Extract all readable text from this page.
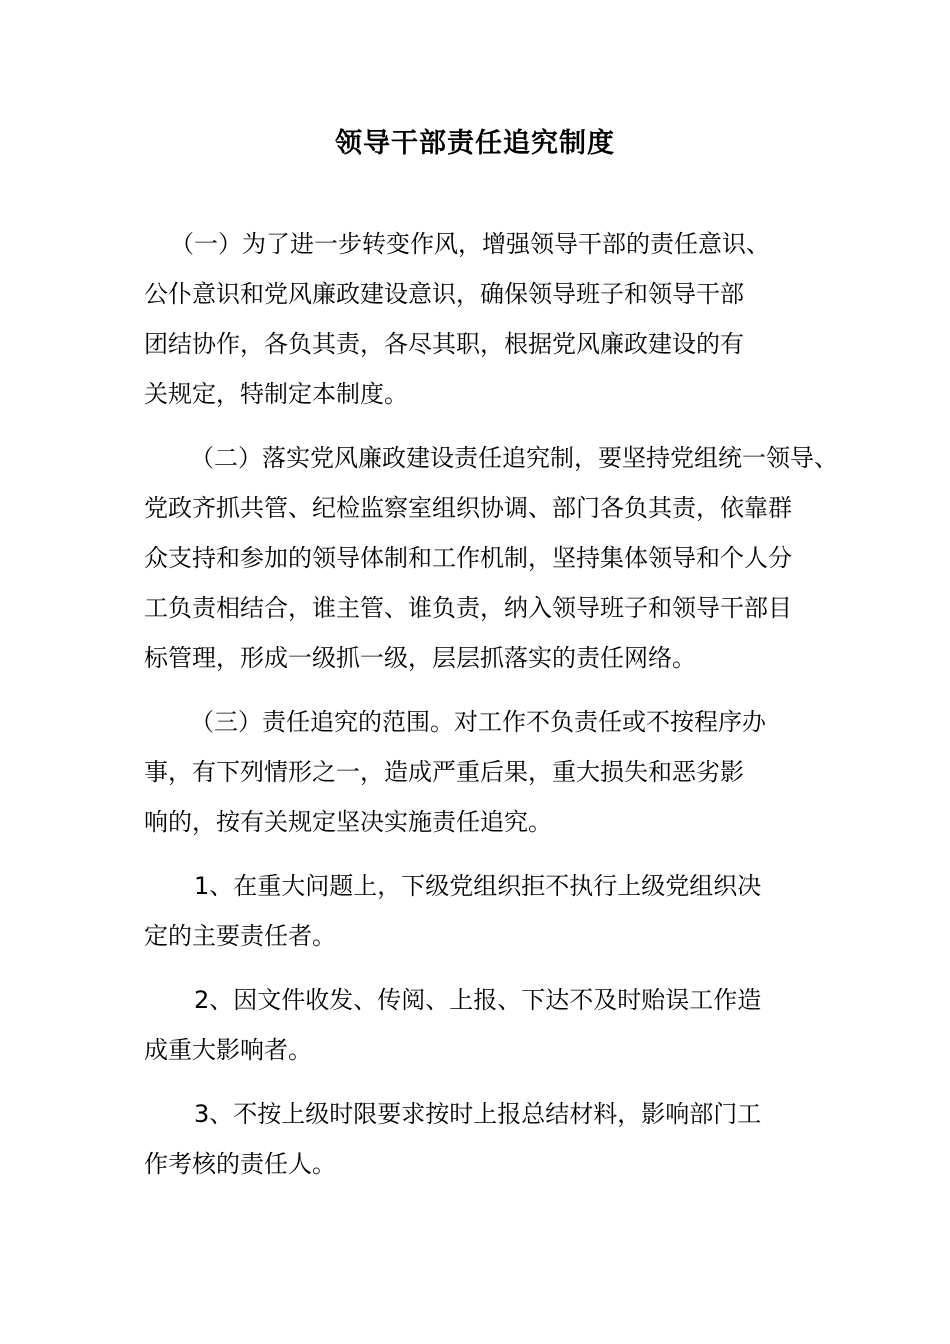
领导干部责任追究制度
（一）为了进一步转变作风，增强领导干部的责任意识、
公仆意识和党风廉政建设意识，确保领导班子和领导干部
团结协作，各负其责，各尽其职，根据党风廉政建设的有
关规定，特制定本制度。
（二）落实党风廉政建设责任追究制，要坚持党组统一领导、
党政齐抓共管、纪检监察室组织协调、部门各负其责，依靠群
众支持和参加的领导体制和工作机制，坚持集体领导和个人分
工负责相结合，谁主管、谁负责，纳入领导班子和领导干部目
标管理，形成一级抓一级，层层抓落实的责任网络。
（三）责任追究的范围。对工作不负责任或不按程序办
事，有下列情形之一，造成严重后果，重大损失和恶劣影
响的，按有关规定坚决实施责任追究。
1、在重大问题上，下级党组织拒不执行上级党组织决
定的主要责任者。
2、因文件收发、传阅、上报、下达不及时贻误工作造
成重大影响者。
3、不按上级时限要求按时上报总结材料，影响部门工
作考核的责任人。
